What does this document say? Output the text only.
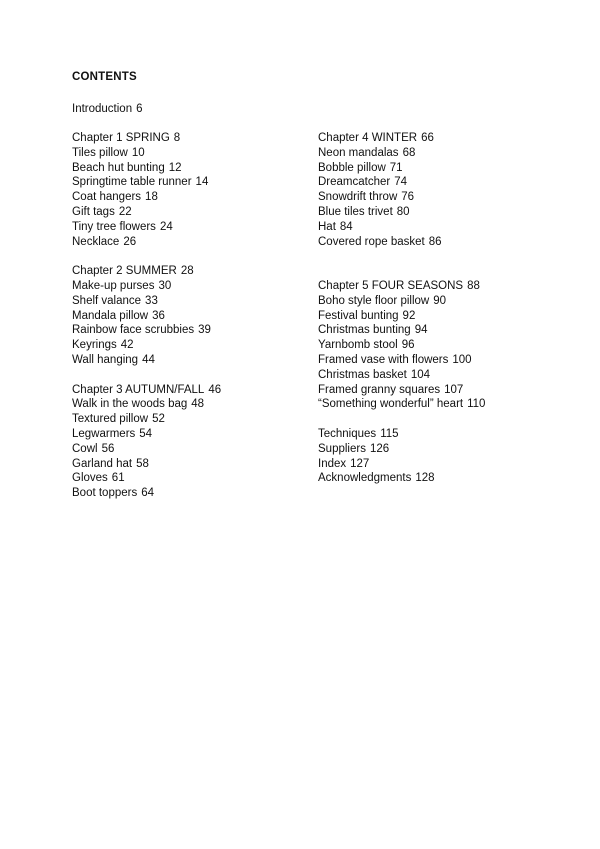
CONTENTS
Introduction 6
Chapter 1 SPRING 8
Tiles pillow 10
Beach hut bunting 12
Springtime table runner 14
Coat hangers 18
Gift tags 22
Tiny tree flowers 24
Necklace 26
Chapter 2 SUMMER 28
Make-up purses 30
Shelf valance 33
Mandala pillow 36
Rainbow face scrubbies 39
Keyrings 42
Wall hanging 44
Chapter 3 AUTUMN/FALL 46
Walk in the woods bag 48
Textured pillow 52
Legwarmers 54
Cowl 56
Garland hat 58
Gloves 61
Boot toppers 64
Chapter 4 WINTER 66
Neon mandalas 68
Bobble pillow 71
Dreamcatcher 74
Snowdrift throw 76
Blue tiles trivet 80
Hat 84
Covered rope basket 86
Chapter 5 FOUR SEASONS 88
Boho style floor pillow 90
Festival bunting 92
Christmas bunting 94
Yarnbomb stool 96
Framed vase with flowers 100
Christmas basket 104
Framed granny squares 107
“Something wonderful” heart 110
Techniques 115
Suppliers 126
Index 127
Acknowledgments 128
